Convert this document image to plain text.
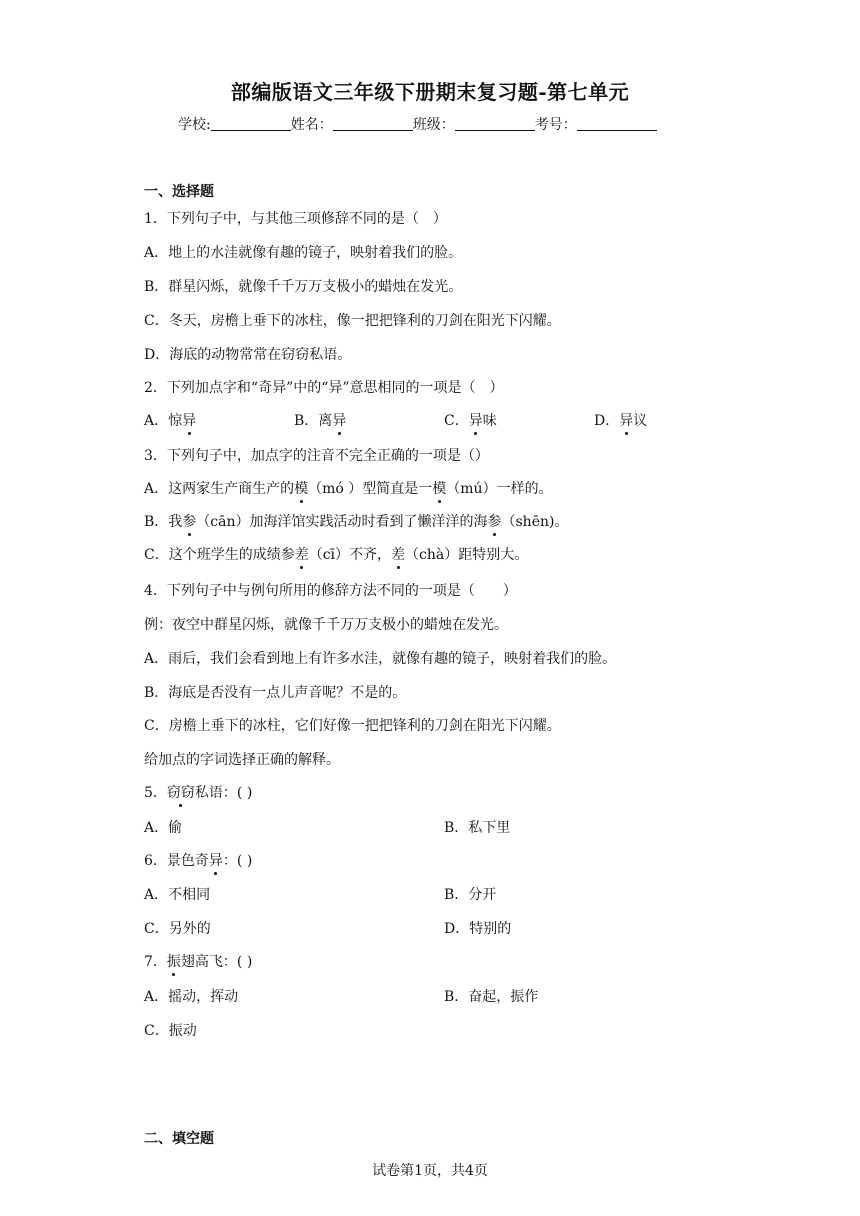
部编版语文三年级下册期末复习题-第七单元
学校:	姓名：	班级：	考号：
一、选择题
1．下列句子中，与其他三项修辞不同的是（　）
A．地上的水洼就像有趣的镜子，映射着我们的脸。
B．群星闪烁，就像千千万万支极小的蜡烛在发光。
C．冬天，房檐上垂下的冰柱，像一把把锋利的刀剑在阳光下闪耀。
D．海底的动物常常在窃窃私语。
2．下列加点字和“奇异”中的“异”意思相同的一项是（　）
A．惊异	B．离异	C．异味	D．异议
3．下列句子中，加点字的注音不完全正确的一项是（）
A．这两家生产商生产的模（mó ）型简直是一模（mú）一样的。
B．我参（cān）加海洋馆实践活动时看到了懒洋洋的海参（shēn)。
C．这个班学生的成绩参差（cī）不齐，差（chà）距特别大。
4．下列句子中与例句所用的修辞方法不同的一项是（　　）
例：夜空中群星闪烁，就像千千万万支极小的蜡烛在发光。
A．雨后，我们会看到地上有许多水洼，就像有趣的镜子，映射着我们的脸。
B．海底是否没有一点儿声音呢？不是的。
C．房檐上垂下的冰柱，它们好像一把把锋利的刀剑在阳光下闪耀。
给加点的字词选择正确的解释。
5．窃窃私语：( )
A．偷	B．私下里
6．景色奇异：( )
A．不相同	B．分开
C．另外的	D．特别的
7．振翅高飞：( )
A．摇动，挥动	B．奋起，振作
C．振动
二、填空题
试卷第1页，共4页
